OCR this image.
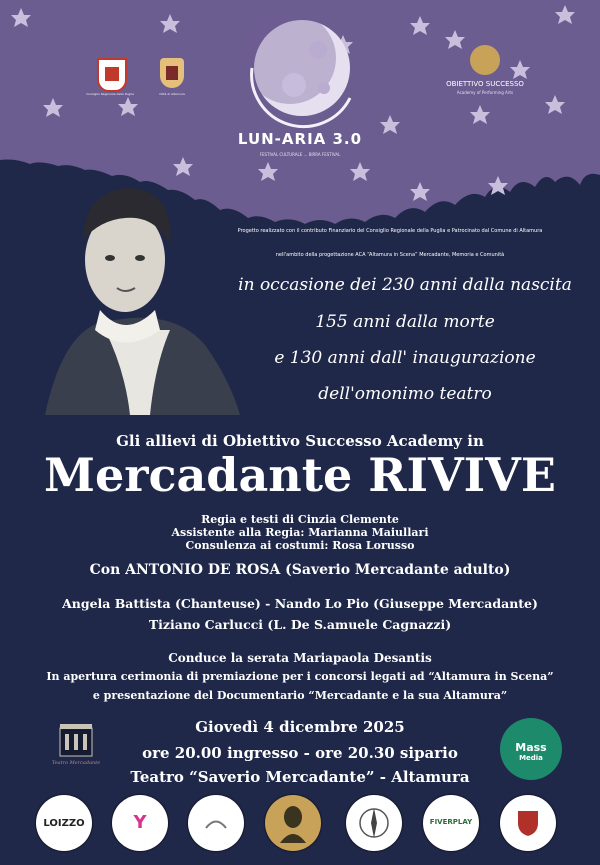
LUN-ARIA 3.0
FESTIVAL CULTURALE ... BIRRA FESTIVAL
Consiglio Regionale della Puglia	Città di Altamura
OBIETTIVO SUCCESSO
Academy of Performing Arts
Progetto realizzato con il contributo Finanziario del Consiglio Regionale della Puglia e Patrocinato dal Comune di Altamura
nell'ambito della progettazione ACA “Altamura in Scena” Mercadante, Memoria e Comunità
in occasione dei 230 anni dalla nascita
155 anni dalla morte
e 130 anni dall' inaugurazione
dell'omonimo teatro
Gli allievi di Obiettivo Successo Academy in
Mercadante RIVIVE
Regia e testi di Cinzia Clemente
Assistente alla Regia: Marianna Maiullari
Consulenza ai costumi: Rosa Lorusso
Con ANTONIO DE ROSA (Saverio Mercadante adulto)
Angela Battista (Chanteuse) - Nando Lo Pio (Giuseppe Mercadante)
Tiziano Carlucci (L. De S.amuele Cagnazzi)
Conduce la serata Mariapaola Desantis
In apertura cerimonia di premiazione per i concorsi legati ad “Altamura in Scena”
e presentazione del Documentario “Mercadante e la sua Altamura”
Giovedì 4 dicembre 2025
ore 20.00 ingresso - ore 20.30 sipario
Teatro “Saverio Mercadante” - Altamura
Teatro Mercadante
Mass
Media
LOIZZO	Y	FIVERPLAY
